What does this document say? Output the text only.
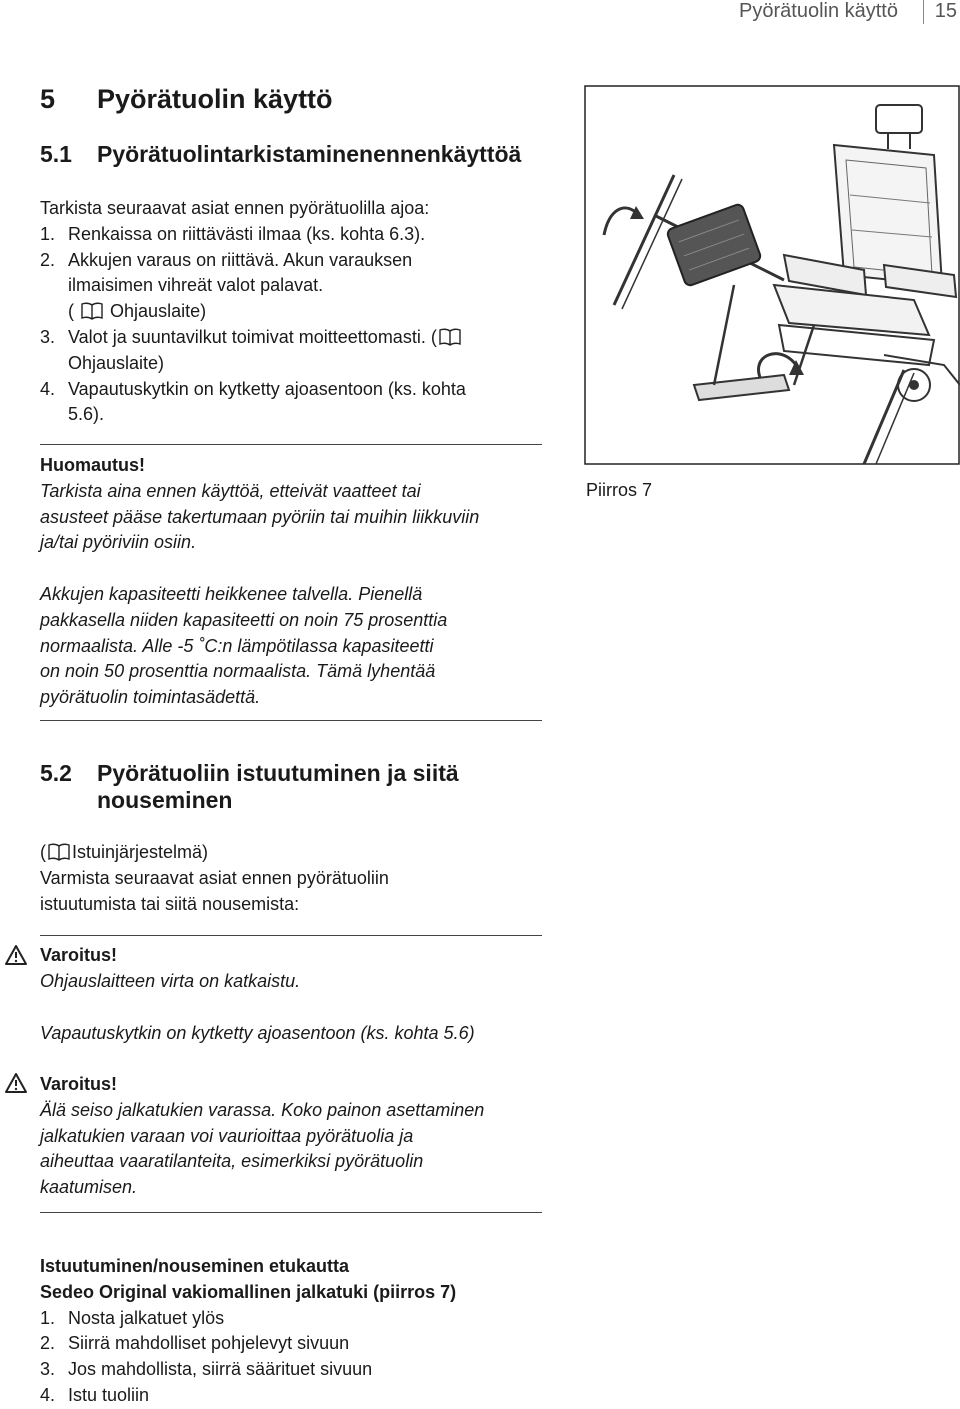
Pyörätuolin käyttö 15
5 Pyörätuolin käyttö
5.1 Pyörätuolintarkistaminenennenkäyttöä
Tarkista seuraavat asiat ennen pyörätuolilla ajoa:
1. Renkaissa on riittävästi ilmaa (ks. kohta 6.3).
2. Akkujen varaus on riittävä. Akun varauksen
ilmaisimen vihreät valot palavat.
( Ohjauslaite)
3. Valot ja suuntavilkut toimivat moitteettomasti. (
Ohjauslaite)
4. Vapautuskytkin on kytketty ajoasentoon (ks. kohta
5.6).
Huomautus!
Tarkista aina ennen käyttöä, etteivät vaatteet tai
asusteet pääse takertumaan pyöriin tai muihin liikkuviin
ja/tai pyöriviin osiin.
Akkujen kapasiteetti heikkenee talvella. Pienellä
pakkasella niiden kapasiteetti on noin 75 prosenttia
normaalista. Alle -5 ˚C:n lämpötilassa kapasiteetti
on noin 50 prosenttia normaalista. Tämä lyhentää
pyörätuolin toimintasädettä.
Piirros 7
5.2 Pyörätuoliin istuutuminen ja siitä
nouseminen
( Istuinjärjestelmä)
Varmista seuraavat asiat ennen pyörätuoliin
istuutumista tai siitä nousemista:
Varoitus!
Ohjauslaitteen virta on katkaistu.
Vapautuskytkin on kytketty ajoasentoon (ks. kohta 5.6)
Varoitus!
Älä seiso jalkatukien varassa. Koko painon asettaminen
jalkatukien varaan voi vaurioittaa pyörätuolia ja
aiheuttaa vaaratilanteita, esimerkiksi pyörätuolin
kaatumisen.
Istuutuminen/nouseminen etukautta
Sedeo Original vakiomallinen jalkatuki (piirros 7)
1. Nosta jalkatuet ylös
2. Siirrä mahdolliset pohjelevyt sivuun
3. Jos mahdollista, siirrä säärituet sivuun
4. Istu tuoliin
